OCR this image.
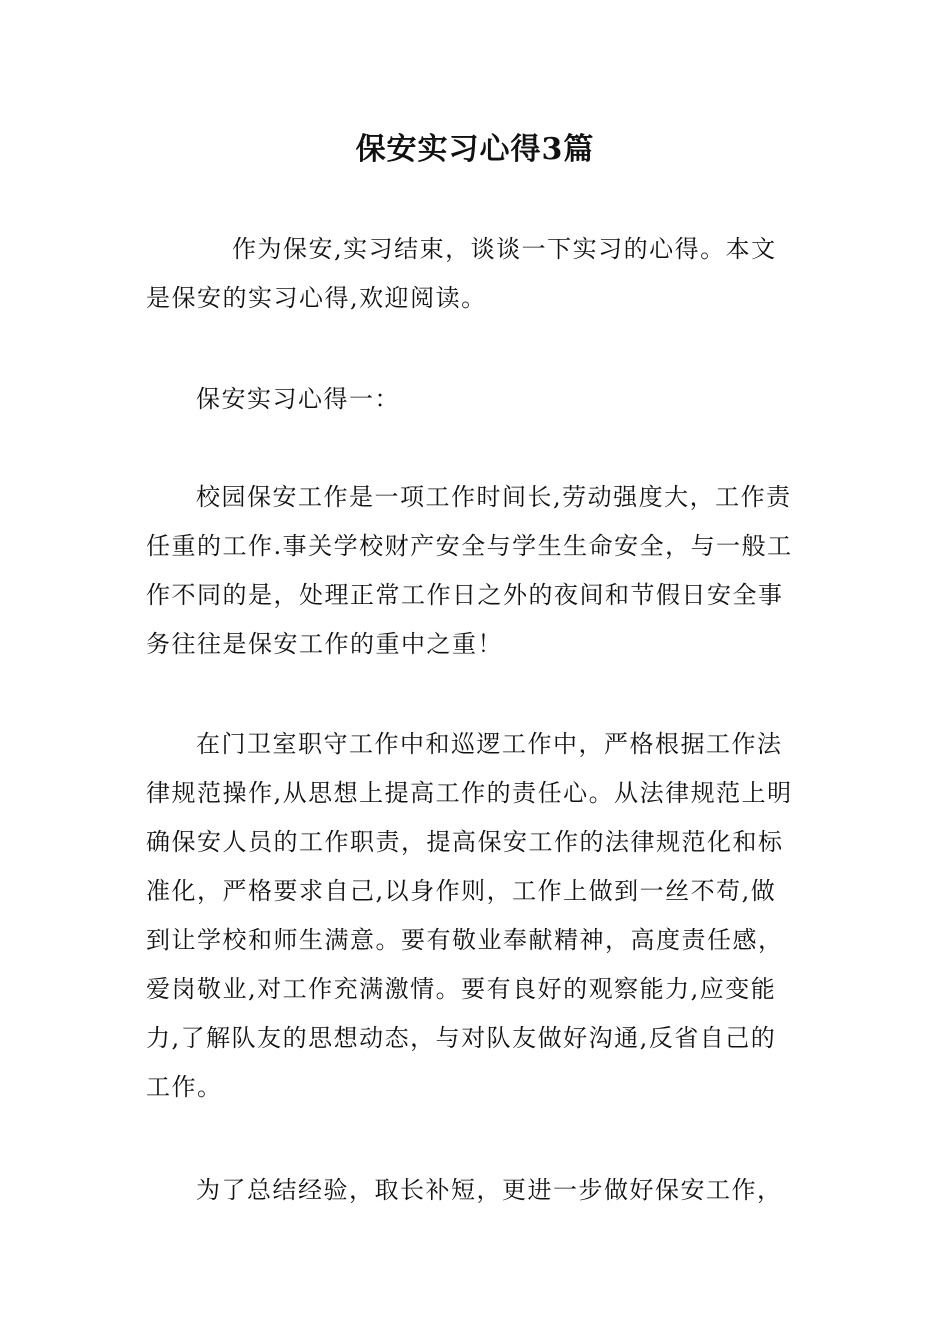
保安实习心得3篇

作为保安,实习结束，谈谈一下实习的心得。本文是保安的实习心得,欢迎阅读。

保安实习心得一：

校园保安工作是一项工作时间长,劳动强度大，工作责任重的工作.事关学校财产安全与学生生命安全，与一般工作不同的是，处理正常工作日之外的夜间和节假日安全事务往往是保安工作的重中之重！

在门卫室职守工作中和巡逻工作中，严格根据工作法律规范操作,从思想上提高工作的责任心。从法律规范上明确保安人员的工作职责，提高保安工作的法律规范化和标准化，严格要求自己,以身作则，工作上做到一丝不苟,做到让学校和师生满意。要有敬业奉献精神，高度责任感，爱岗敬业,对工作充满激情。要有良好的观察能力,应变能力,了解队友的思想动态，与对队友做好沟通,反省自己的工作。

为了总结经验，取长补短，更进一步做好保安工作，
